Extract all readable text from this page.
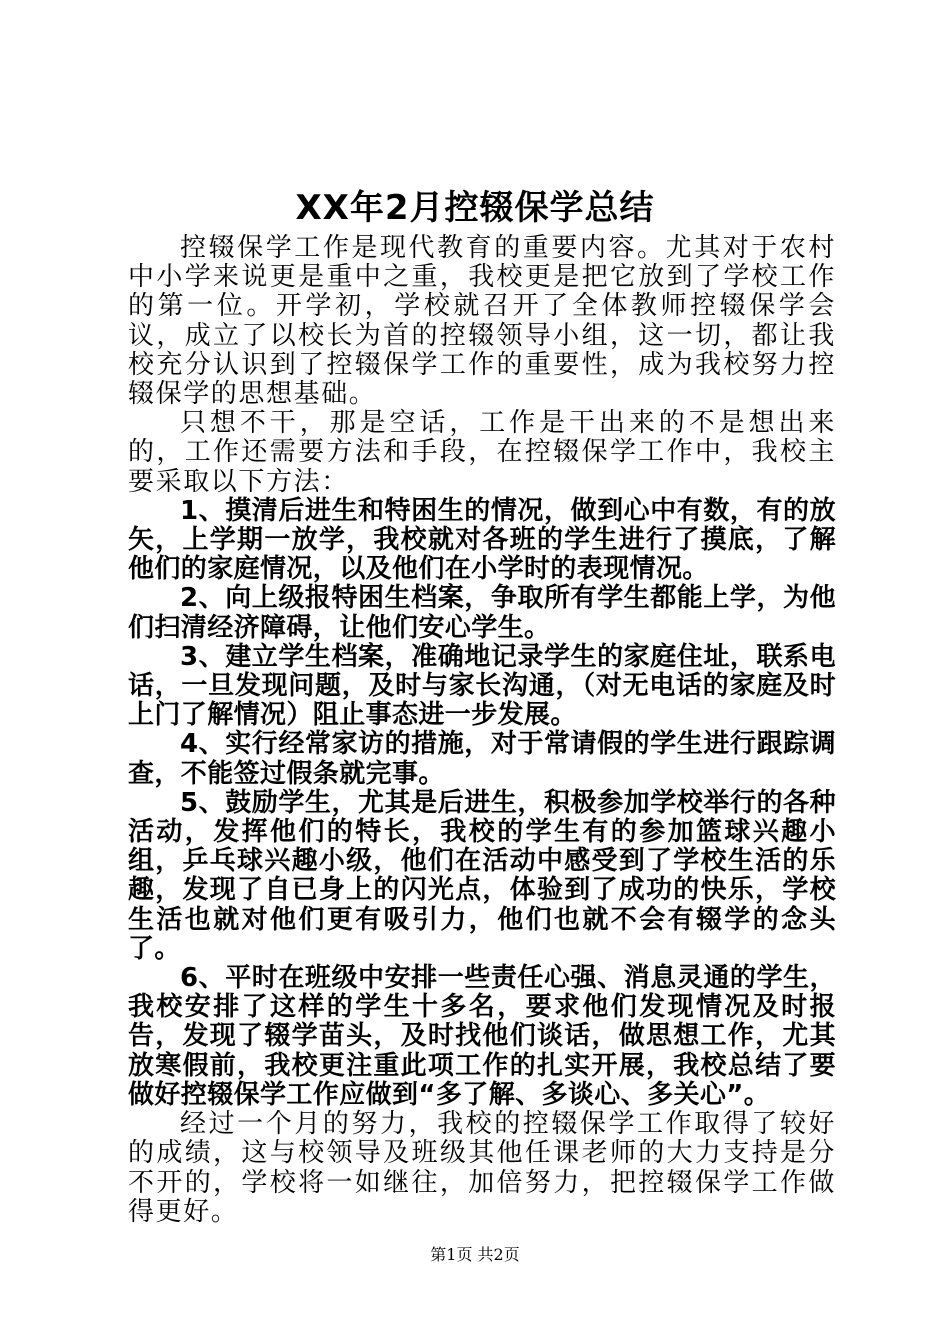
XX年2月控辍保学总结

控辍保学工作是现代教育的重要内容。尤其对于农村中小学来说更是重中之重，我校更是把它放到了学校工作的第一位。开学初，学校就召开了全体教师控辍保学会议，成立了以校长为首的控辍领导小组，这一切，都让我校充分认识到了控辍保学工作的重要性，成为我校努力控辍保学的思想基础。

只想不干，那是空话，工作是干出来的不是想出来的，工作还需要方法和手段，在控辍保学工作中，我校主要采取以下方法：

1、摸清后进生和特困生的情况，做到心中有数，有的放矢，上学期一放学，我校就对各班的学生进行了摸底，了解他们的家庭情况，以及他们在小学时的表现情况。

2、向上级报特困生档案，争取所有学生都能上学，为他们扫清经济障碍，让他们安心学生。

3、建立学生档案，准确地记录学生的家庭住址，联系电话，一旦发现问题，及时与家长沟通，（对无电话的家庭及时上门了解情况）阻止事态进一步发展。

4、实行经常家访的措施，对于常请假的学生进行跟踪调查，不能签过假条就完事。

5、鼓励学生，尤其是后进生，积极参加学校举行的各种活动，发挥他们的特长，我校的学生有的参加篮球兴趣小组，乒乓球兴趣小级，他们在活动中感受到了学校生活的乐趣，发现了自已身上的闪光点，体验到了成功的快乐，学校生活也就对他们更有吸引力，他们也就不会有辍学的念头了。

6、平时在班级中安排一些责任心强、消息灵通的学生，我校安排了这样的学生十多名，要求他们发现情况及时报告，发现了辍学苗头，及时找他们谈话，做思想工作，尤其放寒假前，我校更注重此项工作的扎实开展，我校总结了要做好控辍保学工作应做到“多了解、多谈心、多关心”。

经过一个月的努力，我校的控辍保学工作取得了较好的成绩，这与校领导及班级其他任课老师的大力支持是分不开的，学校将一如继往，加倍努力，把控辍保学工作做得更好。

第1页 共2页
